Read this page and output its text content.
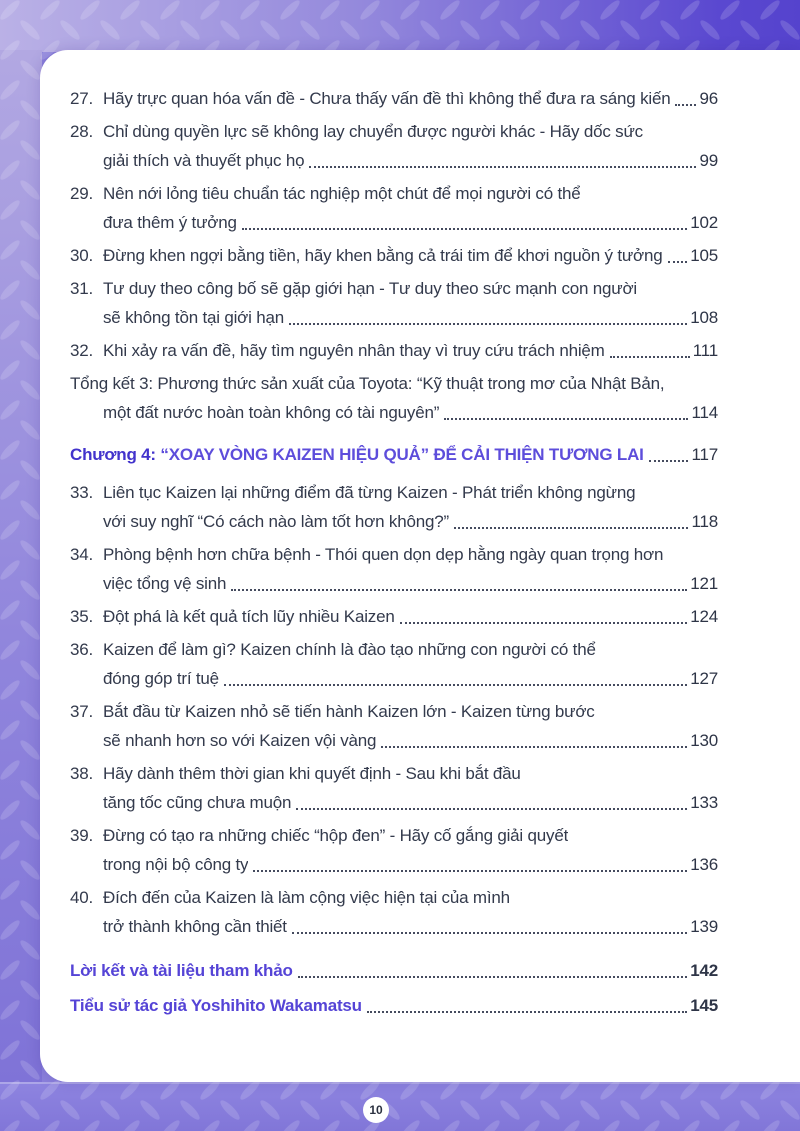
27. Hãy trực quan hóa vấn đề - Chưa thấy vấn đề thì không thể đưa ra sáng kiến 96
28. Chỉ dùng quyền lực sẽ không lay chuyển được người khác - Hãy dốc sức
giải thích và thuyết phục họ	99
29. Nên nới lỏng tiêu chuẩn tác nghiệp một chút để mọi người có thể
đưa thêm ý tưởng	102
30. Đừng khen ngợi bằng tiền, hãy khen bằng cả trái tim để khơi nguồn ý tưởng 105
31. Tư duy theo công bố sẽ gặp giới hạn - Tư duy theo sức mạnh con người
sẽ không tồn tại giới hạn	108
32. Khi xảy ra vấn đề, hãy tìm nguyên nhân thay vì truy cứu trách nhiệm	111
Tổng kết 3: Phương thức sản xuất của Toyota: “Kỹ thuật trong mơ của Nhật Bản,
một đất nước hoàn toàn không có tài nguyên”	114
Chương 4: “XOAY VÒNG KAIZEN HIỆU QUẢ” ĐỂ CẢI THIỆN TƯƠNG LAI	117
33. Liên tục Kaizen lại những điểm đã từng Kaizen - Phát triển không ngừng
với suy nghĩ “Có cách nào làm tốt hơn không?”	118
34. Phòng bệnh hơn chữa bệnh - Thói quen dọn dẹp hằng ngày quan trọng hơn
việc tổng vệ sinh	121
35. Đột phá là kết quả tích lũy nhiều Kaizen	124
36. Kaizen để làm gì? Kaizen chính là đào tạo những con người có thể
đóng góp trí tuệ	127
37. Bắt đầu từ Kaizen nhỏ sẽ tiến hành Kaizen lớn - Kaizen từng bước
sẽ nhanh hơn so với Kaizen vội vàng	130
38. Hãy dành thêm thời gian khi quyết định - Sau khi bắt đầu
tăng tốc cũng chưa muộn	133
39. Đừng có tạo ra những chiếc “hộp đen” - Hãy cố gắng giải quyết
trong nội bộ công ty	136
40. Đích đến của Kaizen là làm cộng việc hiện tại của mình
trở thành không cần thiết	139
Lời kết và tài liệu tham khảo	142
Tiểu sử tác giả Yoshihito Wakamatsu	145
10
